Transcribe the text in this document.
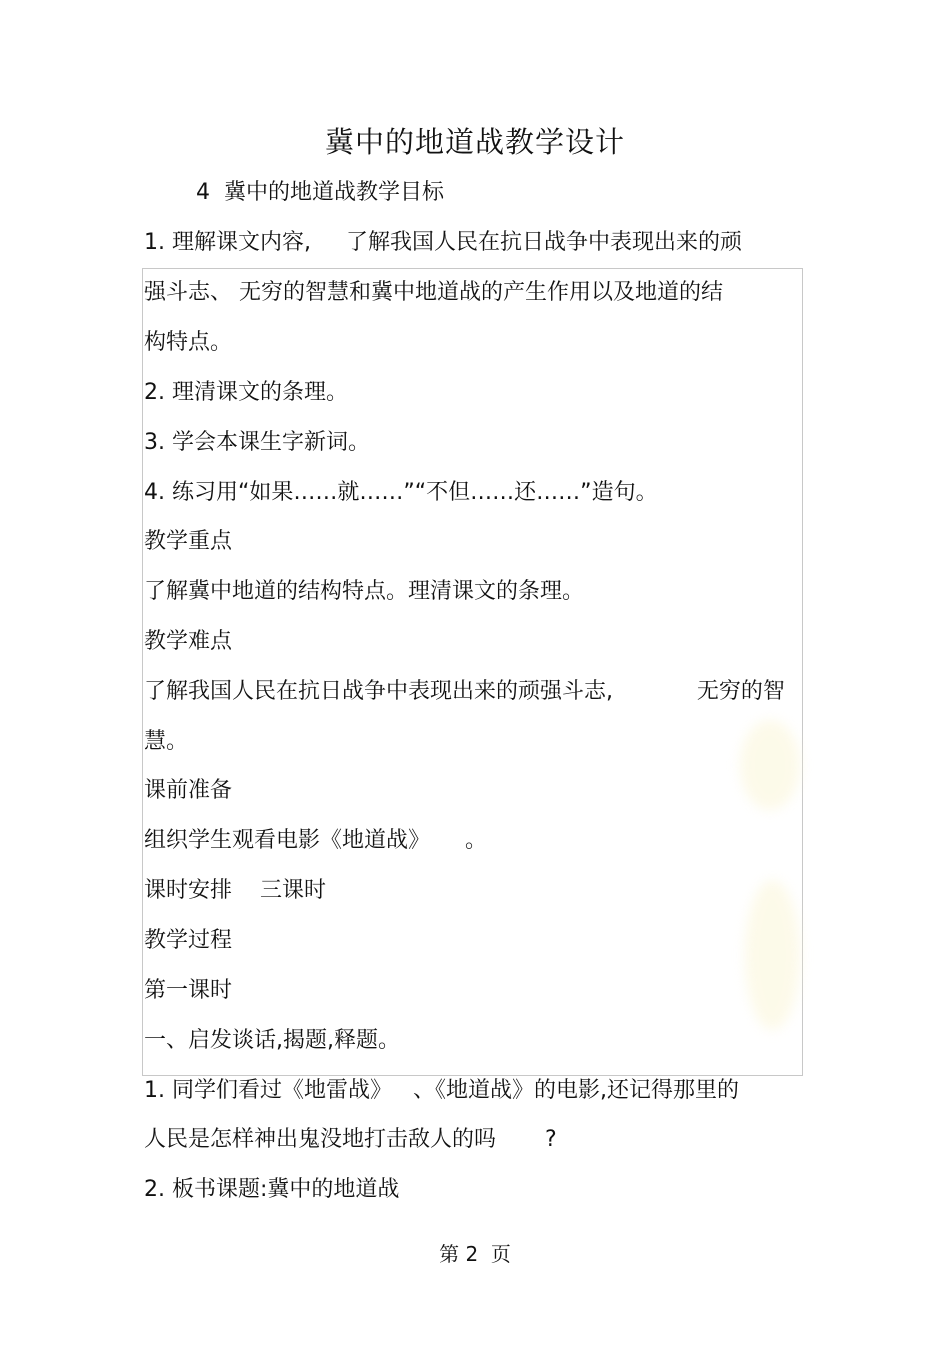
冀中的地道战教学设计
4  冀中的地道战教学目标
1. 理解课文内容,     了解我国人民在抗日战争中表现出来的顽
强斗志、 无穷的智慧和冀中地道战的产生作用以及地道的结
构特点。
2. 理清课文的条理。
3. 学会本课生字新词。
4. 练习用“如果……就……”“不但……还……”造句。
教学重点
了解冀中地道的结构特点。理清课文的条理。
教学难点
了解我国人民在抗日战争中表现出来的顽强斗志,            无穷的智
慧。
课前准备
组织学生观看电影《地道战》     。
课时安排    三课时
教学过程
第一课时
一、启发谈话,揭题,释题。
1. 同学们看过《地雷战》   、《地道战》的电影,还记得那里的
人民是怎样神出鬼没地打击敌人的吗       ?
2. 板书课题:冀中的地道战
第 2  页
